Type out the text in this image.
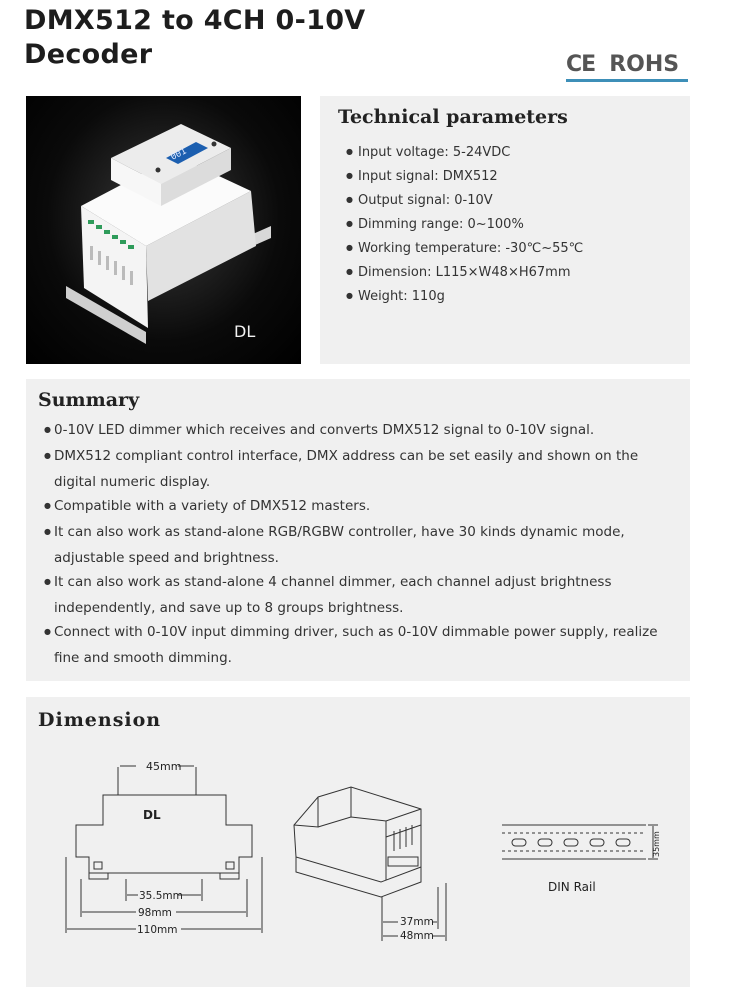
DMX512 to 4CH 0-10V
Decoder	CE ROHS
001
DL
Technical parameters
● Input voltage: 5-24VDC
● Input signal: DMX512
● Output signal: 0-10V
● Dimming range: 0~100%
● Working temperature: -30℃~55℃
● Dimension: L115×W48×H67mm
● Weight: 110g
Summary
● 0-10V LED dimmer which receives and converts DMX512 signal to 0-10V signal.
● DMX512 compliant control interface, DMX address can be set easily and shown on the digital numeric display.
● Compatible with a variety of DMX512 masters.
● It can also work as stand-alone RGB/RGBW controller, have 30 kinds dynamic mode, adjustable speed and brightness.
● It can also work as stand-alone 4 channel dimmer, each channel adjust brightness independently, and save up to 8 groups brightness.
● Connect with 0-10V input dimming driver, such as 0-10V dimmable power supply, realize fine and smooth dimming.
Dimension
45mm
DL
35.5mm
98mm
110mm
37mm
48mm
35mm
DIN Rail
